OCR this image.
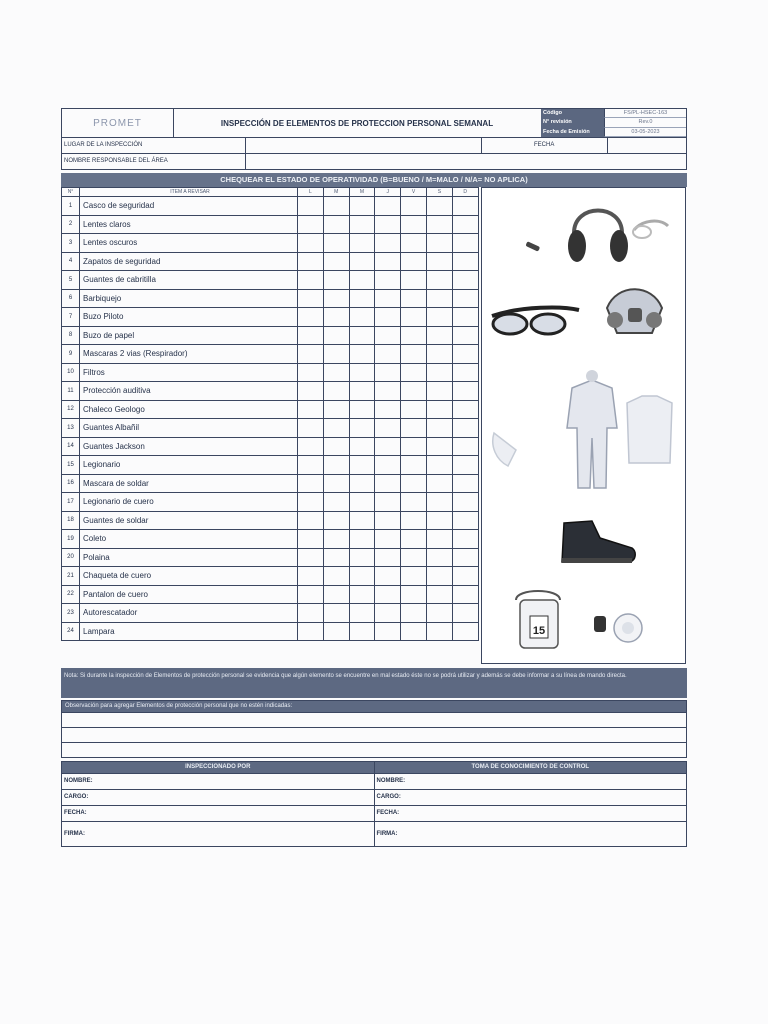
PROMET	INSPECCIÓN DE ELEMENTOS DE PROTECCION PERSONAL SEMANAL
Código	FS/PL-HSEC-163
N° revisión	Rev.0
Fecha de Emisión	03-05-2023
LUGAR DE LA INSPECCIÓN	FECHA
NOMBRE RESPONSABLE DEL ÁREA
CHEQUEAR EL ESTADO DE OPERATIVIDAD (B=BUENO / M=MALO / N/A= NO APLICA)
N°	ITEM A REVISAR	L	M	M	J	V	S	D
1	Casco de seguridad							
2	Lentes claros							
3	Lentes oscuros							
4	Zapatos de seguridad							
5	Guantes de cabritilla							
6	Barbiquejo							
7	Buzo Piloto							
8	Buzo de papel							
9	Mascaras 2 vias (Respirador)							
10	Filtros							
11	Protección auditiva							
12	Chaleco Geologo							
13	Guantes Albañil							
14	Guantes Jackson							
15	Legionario							
16	Mascara de soldar							
17	Legionario de cuero							
18	Guantes de soldar							
19	Coleto							
20	Polaina							
21	Chaqueta de cuero							
22	Pantalon de cuero							
23	Autorescatador							
24	Lampara								15
Nota: Si durante la inspección de Elementos de protección personal se evidencia que algún elemento se encuentre en mal estado éste no se podrá utilizar y además se debe informar a su línea de mando directa.
Observación para agregar Elementos de protección personal que no estén indicadas:
INSPECCIONADO POR
NOMBRE:
CARGO:
FECHA:
FIRMA:
TOMA DE CONOCIMIENTO DE CONTROL
NOMBRE:
CARGO:
FECHA:
FIRMA:
